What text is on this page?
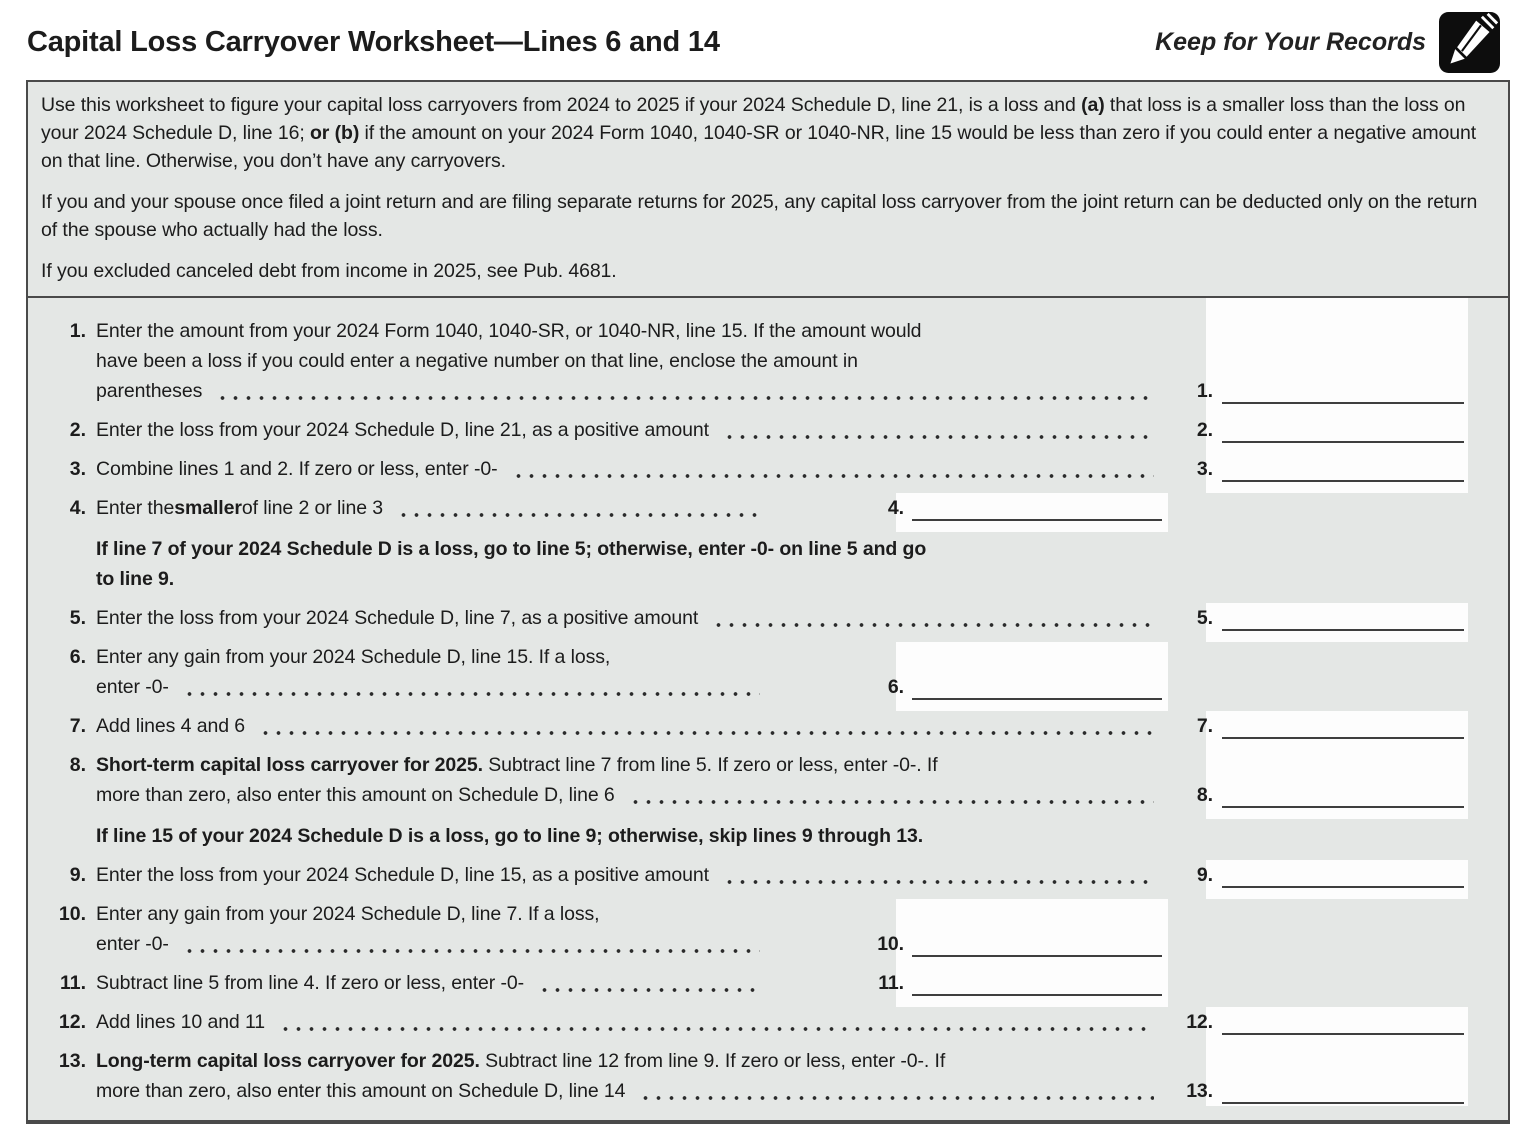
Capital Loss Carryover Worksheet—Lines 6 and 14	Keep for Your Records

Use this worksheet to figure your capital loss carryovers from 2024 to 2025 if your 2024 Schedule D, line 21, is a loss and (a) that loss is a smaller loss than the loss on your 2024 Schedule D, line 16; or (b) if the amount on your 2024 Form 1040, 1040-SR or 1040-NR, line 15 would be less than zero if you could enter a negative amount on that line. Otherwise, you don’t have any carryovers.

If you and your spouse once filed a joint return and are filing separate returns for 2025, any capital loss carryover from the joint return can be deducted only on the return of the spouse who actually had the loss.

If you excluded canceled debt from income in 2025, see Pub. 4681.

1. Enter the amount from your 2024 Form 1040, 1040-SR, or 1040-NR, line 15. If the amount would
have been a loss if you could enter a negative number on that line, enclose the amount in
parentheses	1.
2. Enter the loss from your 2024 Schedule D, line 21, as a positive amount	2.
3. Combine lines 1 and 2. If zero or less, enter -0-	3.
4. Enter the smaller of line 2 or line 3	4.
If line 7 of your 2024 Schedule D is a loss, go to line 5; otherwise, enter -0- on line 5 and go
to line 9.
5. Enter the loss from your 2024 Schedule D, line 7, as a positive amount	5.
6. Enter any gain from your 2024 Schedule D, line 15. If a loss,
enter -0-	6.
7. Add lines 4 and 6	7.
8. Short-term capital loss carryover for 2025. Subtract line 7 from line 5. If zero or less, enter -0-. If
more than zero, also enter this amount on Schedule D, line 6	8.
If line 15 of your 2024 Schedule D is a loss, go to line 9; otherwise, skip lines 9 through 13.
9. Enter the loss from your 2024 Schedule D, line 15, as a positive amount	9.
10. Enter any gain from your 2024 Schedule D, line 7. If a loss,
enter -0-	10.
11. Subtract line 5 from line 4. If zero or less, enter -0-	11.
12. Add lines 10 and 11	12.
13. Long-term capital loss carryover for 2025. Subtract line 12 from line 9. If zero or less, enter -0-. If
more than zero, also enter this amount on Schedule D, line 14	13.
